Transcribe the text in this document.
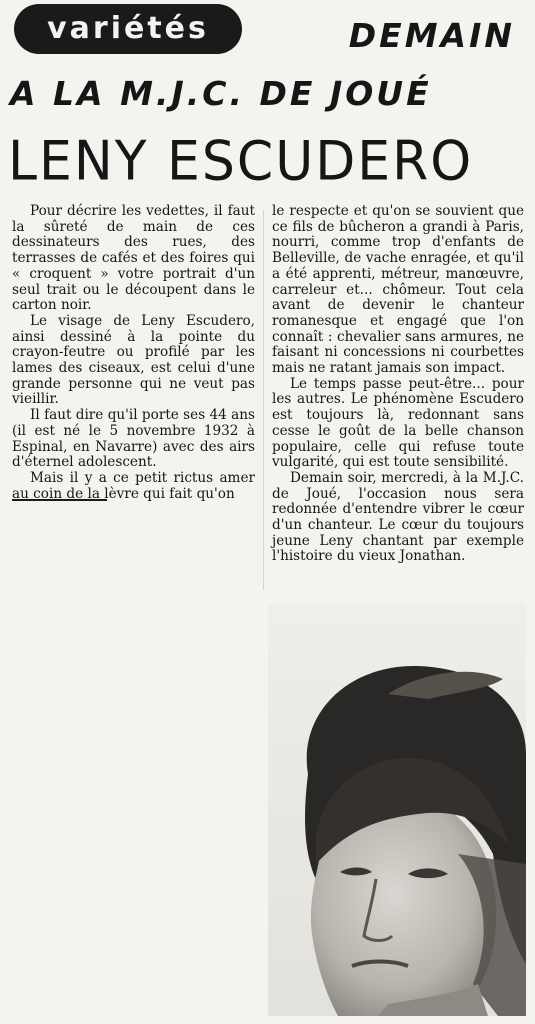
variétés	DEMAIN
A LA M.J.C. DE JOUÉ
LENY ESCUDERO

Pour décrire les vedettes, il faut la sûreté de main de ces dessinateurs des rues, des terrasses de cafés et des foires qui « croquent » votre portrait d'un seul trait ou le découpent dans le carton noir.

Le visage de Leny Escudero, ainsi dessiné à la pointe du crayon-feutre ou profilé par les lames des ciseaux, est celui d'une grande personne qui ne veut pas vieillir.

Il faut dire qu'il porte ses 44 ans (il est né le 5 novembre 1932 à Espinal, en Navarre) avec des airs d'éternel adolescent.

Mais il y a ce petit rictus amer au coin de la lèvre qui fait qu'on

le respecte et qu'on se souvient que ce fils de bûcheron a grandi à Paris, nourri, comme trop d'enfants de Belleville, de vache enragée, et qu'il a été apprenti, métreur, manœuvre, carreleur et... chômeur. Tout cela avant de devenir le chanteur romanesque et engagé que l'on connaît : chevalier sans armures, ne faisant ni concessions ni courbettes mais ne ratant jamais son impact.

Le temps passe peut-être... pour les autres. Le phénomène Escudero est toujours là, redonnant sans cesse le goût de la belle chanson populaire, celle qui refuse toute vulgarité, qui est toute sensibilité.

Demain soir, mercredi, à la M.J.C. de Joué, l'occasion nous sera redonnée d'entendre vibrer le cœur d'un chanteur. Le cœur du toujours jeune Leny chantant par exemple l'histoire du vieux Jonathan.
